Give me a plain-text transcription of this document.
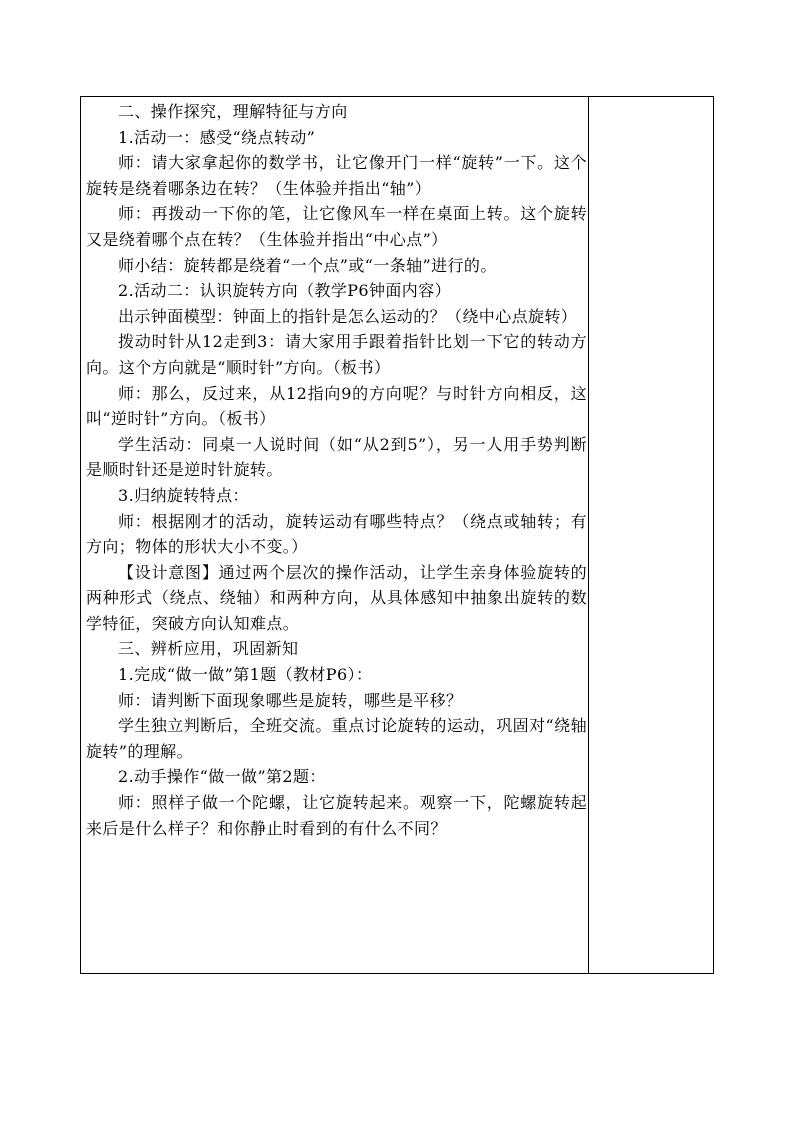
二、操作探究，理解特征与方向

1.活动一：感受“绕点转动”

师：请大家拿起你的数学书，让它像开门一样“旋转”一下。这个旋转是绕着哪条边在转？（生体验并指出“轴”）

师：再拨动一下你的笔，让它像风车一样在桌面上转。这个旋转又是绕着哪个点在转？（生体验并指出“中心点”）

师小结：旋转都是绕着“一个点”或“一条轴”进行的。

2.活动二：认识旋转方向（教学P6钟面内容）

出示钟面模型：钟面上的指针是怎么运动的？（绕中心点旋转）

拨动时针从12走到3：请大家用手跟着指针比划一下它的转动方向。这个方向就是“顺时针”方向。（板书）

师：那么，反过来，从12指向9的方向呢？与时针方向相反，这叫“逆时针”方向。（板书）

学生活动：同桌一人说时间（如“从2到5”），另一人用手势判断是顺时针还是逆时针旋转。

3.归纳旋转特点：

师：根据刚才的活动，旋转运动有哪些特点？（绕点或轴转；有方向；物体的形状大小不变。）

【设计意图】通过两个层次的操作活动，让学生亲身体验旋转的两种形式（绕点、绕轴）和两种方向，从具体感知中抽象出旋转的数学特征，突破方向认知难点。

三、辨析应用，巩固新知

1.完成“做一做”第1题（教材P6）：

师：请判断下面现象哪些是旋转，哪些是平移？

学生独立判断后，全班交流。重点讨论旋转的运动，巩固对“绕轴旋转”的理解。

2.动手操作“做一做”第2题：

师：照样子做一个陀螺，让它旋转起来。观察一下，陀螺旋转起来后是什么样子？和你静止时看到的有什么不同？
